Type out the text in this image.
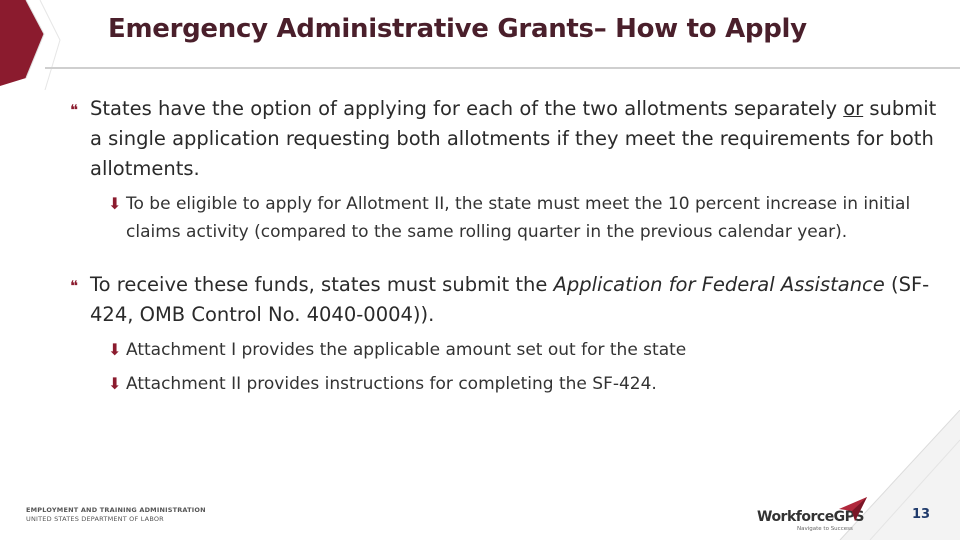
Emergency Administrative Grants– How to Apply
❝ States have the option of applying for each of the two allotments separately or submit a single application requesting both allotments if they meet the requirements for both allotments.
⬇ To be eligible to apply for Allotment II, the state must meet the 10 percent increase in initial claims activity (compared to the same rolling quarter in the previous calendar year).
❝ To receive these funds, states must submit the Application for Federal Assistance (SF-424, OMB Control No. 4040-0004)).
⬇ Attachment I provides the applicable amount set out for the state
⬇ Attachment II provides instructions for completing the SF-424.
EMPLOYMENT AND TRAINING ADMINISTRATION
UNITED STATES DEPARTMENT OF LABOR	WorkforceGPS
Navigate to Success
13
